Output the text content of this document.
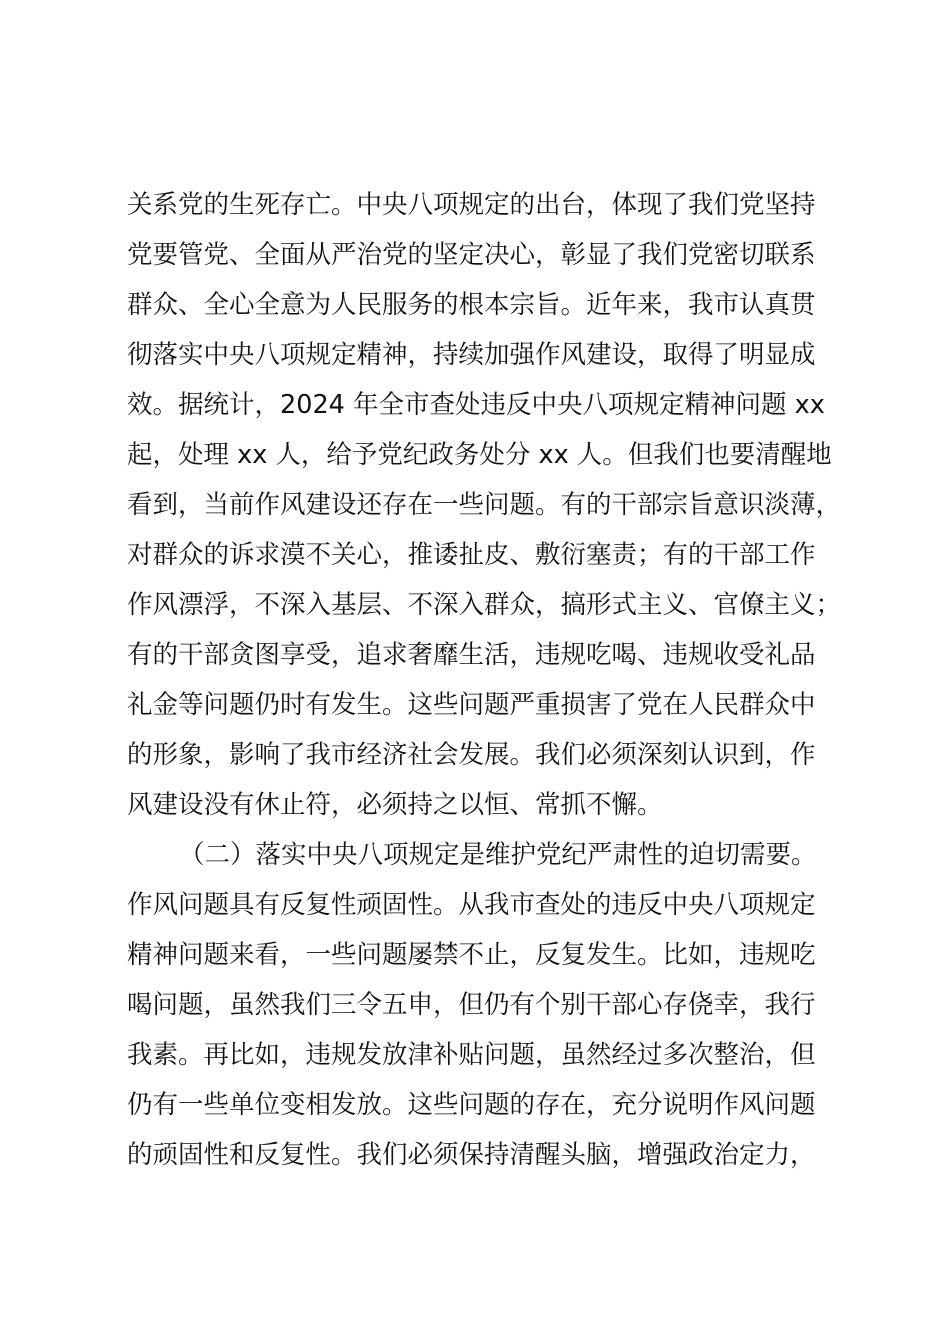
关系党的生死存亡。中央八项规定的出台，体现了我们党坚持
党要管党、全面从严治党的坚定决心，彰显了我们党密切联系
群众、全心全意为人民服务的根本宗旨。近年来，我市认真贯
彻落实中央八项规定精神，持续加强作风建设，取得了明显成
效。据统计，2024 年全市查处违反中央八项规定精神问题 xx
起，处理 xx 人，给予党纪政务处分 xx 人。但我们也要清醒地
看到，当前作风建设还存在一些问题。有的干部宗旨意识淡薄，
对群众的诉求漠不关心，推诿扯皮、敷衍塞责；有的干部工作
作风漂浮，不深入基层、不深入群众，搞形式主义、官僚主义；
有的干部贪图享受，追求奢靡生活，违规吃喝、违规收受礼品
礼金等问题仍时有发生。这些问题严重损害了党在人民群众中
的形象，影响了我市经济社会发展。我们必须深刻认识到，作
风建设没有休止符，必须持之以恒、常抓不懈。
（二）落实中央八项规定是维护党纪严肃性的迫切需要。
作风问题具有反复性顽固性。从我市查处的违反中央八项规定
精神问题来看，一些问题屡禁不止，反复发生。比如，违规吃
喝问题，虽然我们三令五申，但仍有个别干部心存侥幸，我行
我素。再比如，违规发放津补贴问题，虽然经过多次整治，但
仍有一些单位变相发放。这些问题的存在，充分说明作风问题
的顽固性和反复性。我们必须保持清醒头脑，增强政治定力，
